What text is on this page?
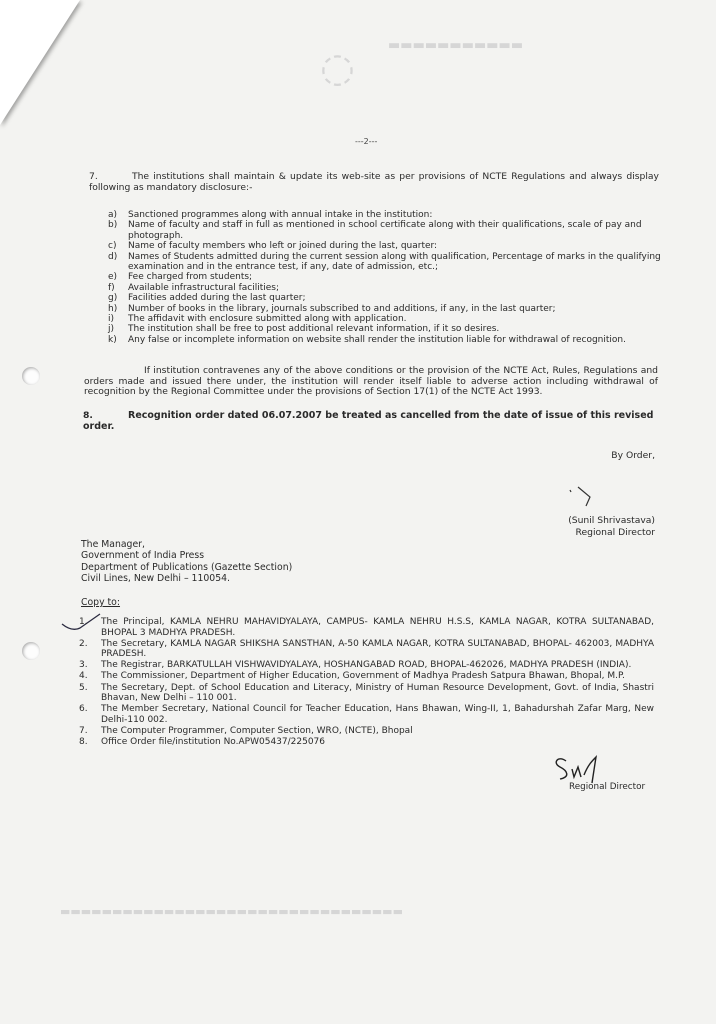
▬▬▬▬▬▬▬▬▬▬▬
◌
---2---
7.	The institutions shall maintain & update its web-site as per provisions of NCTE Regulations and always display following as mandatory disclosure:-
a)	Sanctioned programmes along with annual intake in the institution:
b)	Name of faculty and staff in full as mentioned in school certificate along with their qualifications, scale of pay and photograph.
c)	Name of faculty members who left or joined during the last, quarter:
d)	Names of Students admitted during the current session along with qualification, Percentage of marks in the qualifying examination and in the entrance test, if any, date of admission, etc.;
e)	Fee charged from students;
f)	Available infrastructural facilities;
g)	Facilities added during the last quarter;
h)	Number of books in the library, journals subscribed to and additions, if any, in the last quarter;
i)	The affidavit with enclosure submitted along with application.
j)	The institution shall be free to post additional relevant information, if it so desires.
k)	Any false or incomplete information on website shall render the institution liable for withdrawal of recognition.
If institution contravenes any of the above conditions or the provision of the NCTE Act, Rules, Regulations and orders made and issued there under, the institution will render itself liable to adverse action including withdrawal of recognition by the Regional Committee under the provisions of Section 17(1) of the NCTE Act 1993.
8.	Recognition order dated 06.07.2007 be treated as cancelled from the date of issue of this revised order.
By Order,
(Sunil Shrivastava)
Regional Director
The Manager,
Government of India Press
Department of Publications (Gazette Section)
Civil Lines, New Delhi – 110054.
Copy to:
1.	The Principal, KAMLA NEHRU MAHAVIDYALAYA, CAMPUS- KAMLA NEHRU H.S.S, KAMLA NAGAR, KOTRA SULTANABAD, BHOPAL 3 MADHYA PRADESH.
2.	The Secretary, KAMLA NAGAR SHIKSHA SANSTHAN, A-50 KAMLA NAGAR, KOTRA SULTANABAD, BHOPAL- 462003, MADHYA PRADESH.
3.	The Registrar, BARKATULLAH VISHWAVIDYALAYA, HOSHANGABAD ROAD, BHOPAL-462026, MADHYA PRADESH (INDIA).
4.	The Commissioner, Department of Higher Education, Government of Madhya Pradesh Satpura Bhawan, Bhopal, M.P.
5.	The Secretary, Dept. of School Education and Literacy, Ministry of Human Resource Development, Govt. of India, Shastri Bhavan, New Delhi – 110 001.
6.	The Member Secretary, National Council for Teacher Education, Hans Bhawan, Wing-II, 1, Bahadurshah Zafar Marg, New Delhi-110 002.
7.	The Computer Programmer, Computer Section, WRO, (NCTE), Bhopal
8.	Office Order file/institution No.APW05437/225076
Regional Director
▬▬▬▬▬▬▬▬▬▬▬▬▬▬▬▬▬▬▬▬▬▬▬▬▬▬▬▬▬▬▬▬▬
